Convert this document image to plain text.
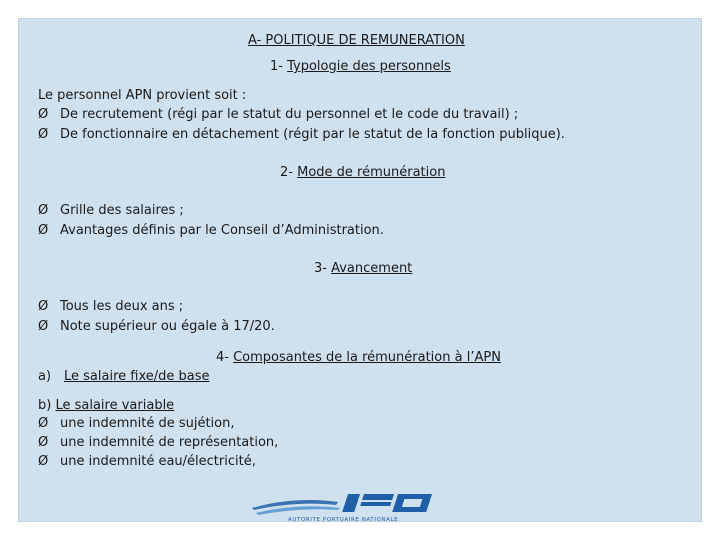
A- POLITIQUE DE REMUNERATION
1- Typologie des personnels
Le personnel APN provient soit :
Ø De recrutement (régi par le statut du personnel et le code du travail) ;
Ø De fonctionnaire en détachement (régit par le statut de la fonction publique).
2- Mode de rémunération
Ø Grille des salaires ;
Ø Avantages définis par le Conseil d’Administration.
3- Avancement
Ø Tous les deux ans ;
Ø Note supérieur ou égale à 17/20.
4- Composantes de la rémunération à l’APN
a) Le salaire fixe/de base
b) Le salaire variable
Ø une indemnité de sujétion,
Ø une indemnité de représentation,
Ø une indemnité eau/électricité,
AUTORITE PORTUAIRE NATIONALE
APN
